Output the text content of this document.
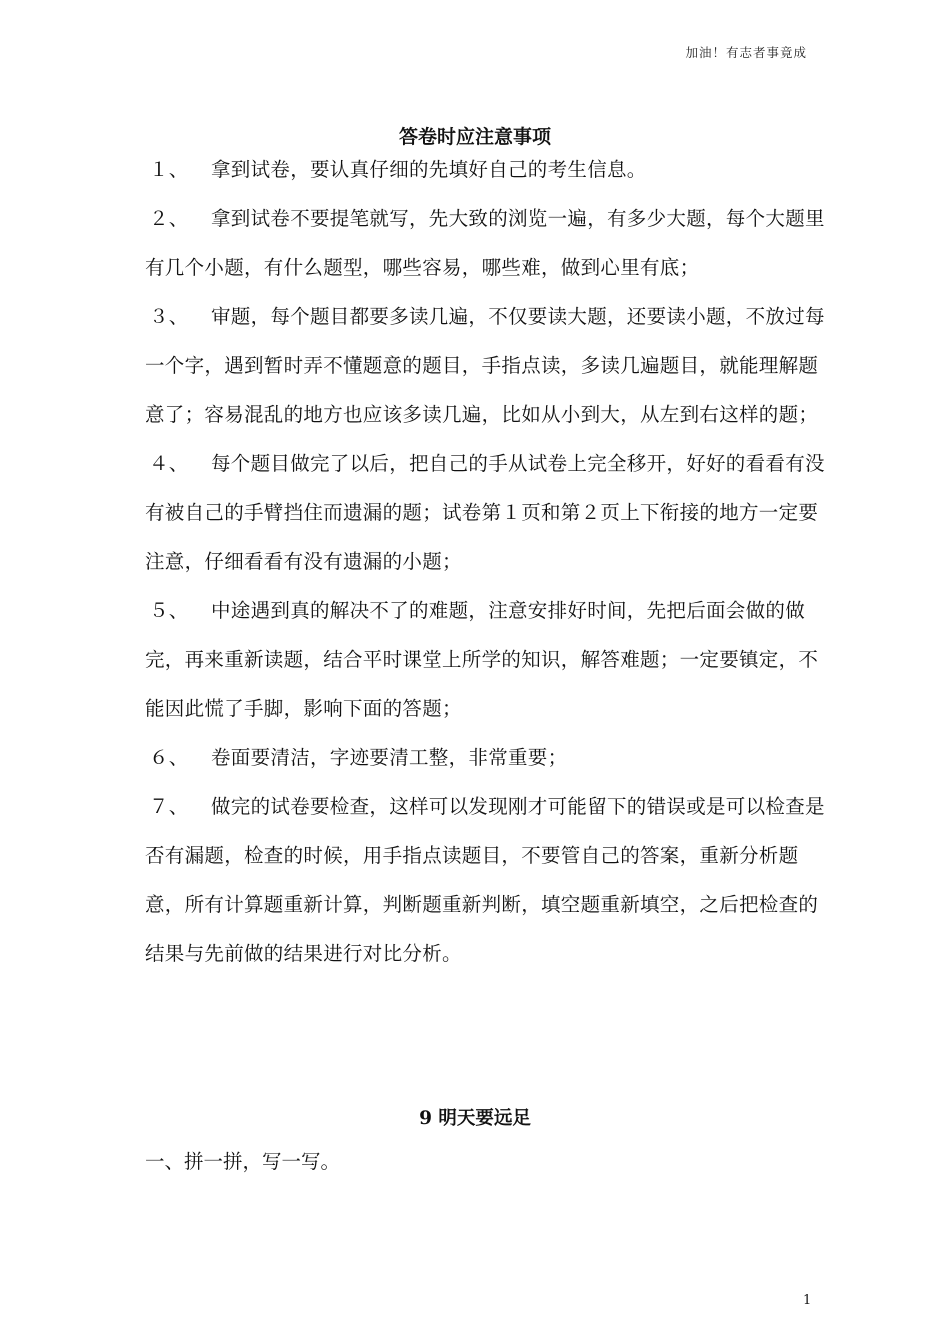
加油！有志者事竟成
答卷时应注意事项

１、 拿到试卷，要认真仔细的先填好自己的考生信息。

２、 拿到试卷不要提笔就写，先大致的浏览一遍，有多少大题，每个大题里有几个小题，有什么题型，哪些容易，哪些难，做到心里有底；

３、 审题，每个题目都要多读几遍，不仅要读大题，还要读小题，不放过每一个字，遇到暂时弄不懂题意的题目，手指点读，多读几遍题目，就能理解题意了；容易混乱的地方也应该多读几遍，比如从小到大，从左到右这样的题；

４、 每个题目做完了以后，把自己的手从试卷上完全移开，好好的看看有没有被自己的手臂挡住而遗漏的题；试卷第１页和第２页上下衔接的地方一定要注意，仔细看看有没有遗漏的小题；

５、 中途遇到真的解决不了的难题，注意安排好时间，先把后面会做的做完，再来重新读题，结合平时课堂上所学的知识，解答难题；一定要镇定，不能因此慌了手脚，影响下面的答题；

６、 卷面要清洁，字迹要清工整，非常重要；

７、 做完的试卷要检查，这样可以发现刚才可能留下的错误或是可以检查是否有漏题，检查的时候，用手指点读题目，不要管自己的答案，重新分析题意，所有计算题重新计算，判断题重新判断，填空题重新填空，之后把检查的结果与先前做的结果进行对比分析。

9 明天要远足
一、拼一拼，写一写。
1
